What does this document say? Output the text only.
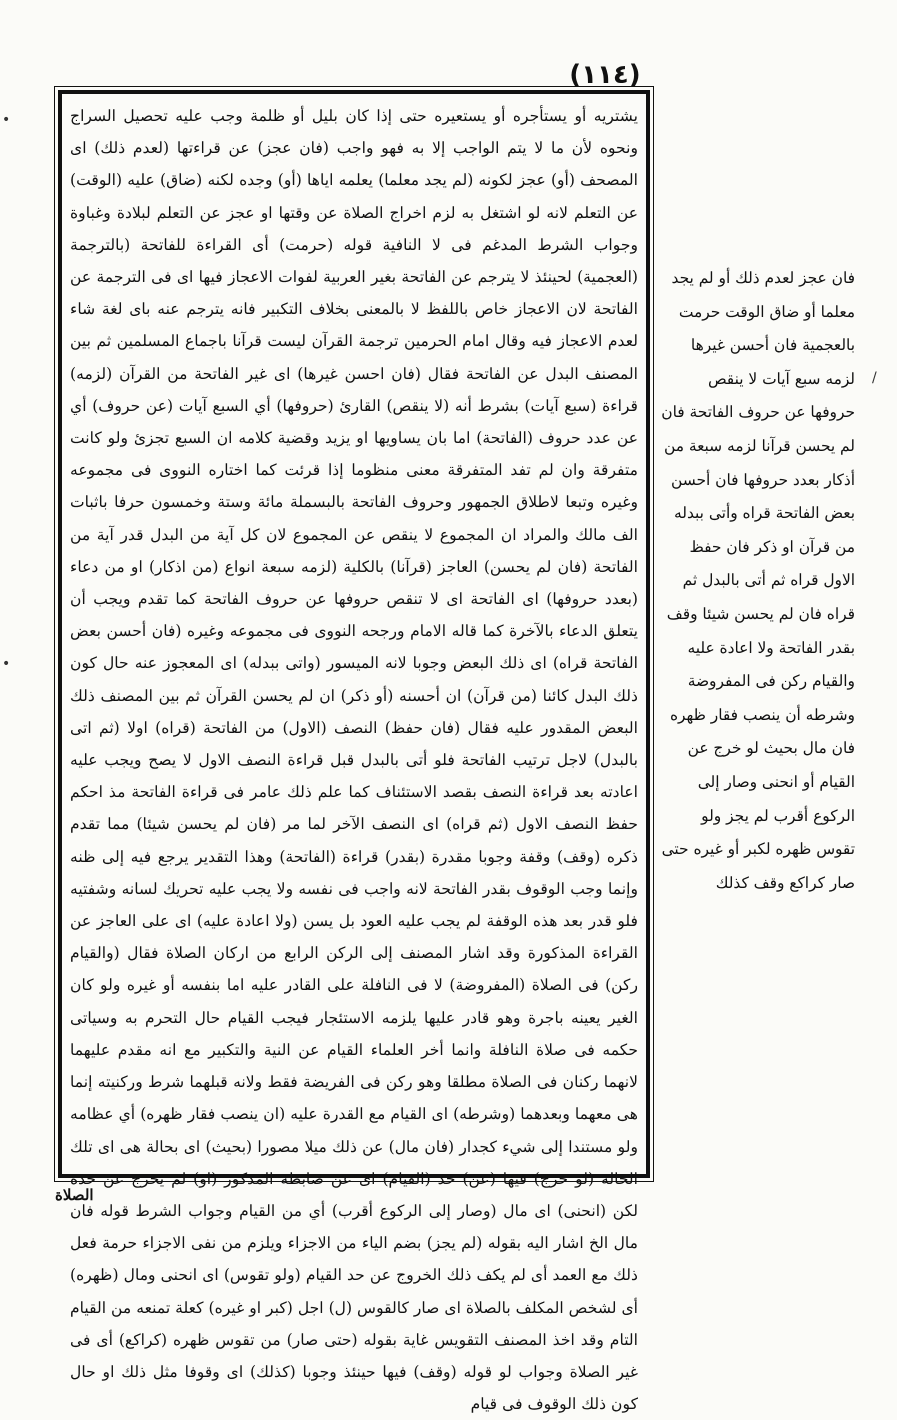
(١١٤)

يشتريه أو يستأجره أو يستعيره حتى إذا كان بليل أو ظلمة وجب عليه تحصيل السراج ونحوه لأن ما لا يتم الواجب إلا به فهو واجب (فان عجز) عن قراءتها (لعدم ذلك) اى المصحف (أو) عجز لكونه (لم يجد معلما) يعلمه اياها (أو) وجده لكنه (ضاق) عليه (الوقت) عن التعلم لانه لو اشتغل به لزم اخراج الصلاة عن وقتها او عجز عن التعلم لبلادة وغباوة وجواب الشرط المدغم فى لا النافية قوله (حرمت) أى القراءة للفاتحة (بالترجمة (العجمية) لحينئذ لا يترجم عن الفاتحة بغير العربية لفوات الاعجاز فيها اى فى الترجمة عن الفاتحة لان الاعجاز خاص باللفظ لا بالمعنى بخلاف التكبير فانه يترجم عنه باى لغة شاء لعدم الاعجاز فيه وقال امام الحرمين ترجمة القرآن ليست قرآنا باجماع المسلمين ثم بين المصنف البدل عن الفاتحة فقال (فان احسن غيرها) اى غير الفاتحة من القرآن (لزمه) قراءة (سبع آيات) بشرط أنه (لا ينقص) القارئ (حروفها) أي السبع آيات (عن حروف) أي عن عدد حروف (الفاتحة) اما بان يساويها او يزيد وقضية كلامه ان السبع تجزئ ولو كانت متفرقة وان لم تفد المتفرقة معنى منظوما إذا قرئت كما اختاره النووى فى مجموعه وغيره وتبعا لاطلاق الجمهور وحروف الفاتحة بالبسملة مائة وستة وخمسون حرفا باثبات الف مالك والمراد ان المجموع لا ينقص عن المجموع لان كل آية من البدل قدر آية من الفاتحة (فان لم يحسن) العاجز (قرآنا) بالكلية (لزمه سبعة انواع (من اذكار) او من دعاء (بعدد حروفها) اى الفاتحة اى لا تنقص حروفها عن حروف الفاتحة كما تقدم ويجب أن يتعلق الدعاء بالآخرة كما قاله الامام ورجحه النووى فى مجموعه وغيره (فان أحسن بعض الفاتحة قراه) اى ذلك البعض وجوبا لانه الميسور (واتى ببدله) اى المعجوز عنه حال كون ذلك البدل كائنا (من قرآن) ان أحسنه (أو ذكر) ان لم يحسن القرآن ثم بين المصنف ذلك البعض المقدور عليه فقال (فان حفظ) النصف (الاول) من الفاتحة (قراه) اولا (ثم اتى بالبدل) لاجل ترتيب الفاتحة فلو أتى بالبدل قبل قراءة النصف الاول لا يصح ويجب عليه اعادته بعد قراءة النصف بقصد الاستئناف كما علم ذلك عامر فى قراءة الفاتحة مذ احكم حفظ النصف الاول (ثم قراه) اى النصف الآخر لما مر (فان لم يحسن شيئا) مما تقدم ذكره (وقف) وقفة وجوبا مقدرة (بقدر) قراءة (الفاتحة) وهذا التقدير يرجع فيه إلى ظنه وإنما وجب الوقوف بقدر الفاتحة لانه واجب فى نفسه ولا يجب عليه تحريك لسانه وشفتيه فلو قدر بعد هذه الوقفة لم يجب عليه العود بل يسن (ولا اعادة عليه) اى على العاجز عن القراءة المذكورة وقد اشار المصنف إلى الركن الرابع من اركان الصلاة فقال (والقيام ركن) فى الصلاة (المفروضة) لا فى النافلة على القادر عليه اما بنفسه أو غيره ولو كان الغير يعينه باجرة وهو قادر عليها يلزمه الاستئجار فيجب القيام حال التحرم به وسياتى حكمه فى صلاة النافلة وانما أخر العلماء القيام عن النية والتكبير مع انه مقدم عليهما لانهما ركنان فى الصلاة مطلقا وهو ركن فى الفريضة فقط ولانه قبلهما شرط وركنيته إنما هى معهما وبعدهما (وشرطه) اى القيام مع القدرة عليه (ان ينصب فقار ظهره) أي عظامه ولو مستندا إلى شيء كجدار (فان مال) عن ذلك ميلا مصورا (بحيث) اى بحالة هى اى تلك الحالة (لو خرج) فيها (عن) حد (القيام) اى عن ضابطه المذكور (او) لم يخرج عن حده لكن (انحنى) اى مال (وصار إلى الركوع أقرب) أي من القيام وجواب الشرط قوله فان مال الخ اشار اليه بقوله (لم يجز) بضم الياء من الاجزاء ويلزم من نفى الاجزاء حرمة فعل ذلك مع العمد أى لم يكف ذلك الخروج عن حد القيام (ولو تقوس) اى انحنى ومال (ظهره) أى لشخص المكلف بالصلاة اى صار كالقوس (ل) اجل (كبر او غيره) كعلة تمنعه من القيام التام وقد اخذ المصنف التقويس غاية بقوله (حتى صار) من تقوس ظهره (كراكع) أى فى غير الصلاة وجواب لو قوله (وقف) فيها حينئذ وجوبا (كذلك) اى وقوفا مثل ذلك او حال كون ذلك الوقوف فى قيام

فان عجز لعدم ذلك أو لم يجد معلما أو ضاق الوقت حرمت بالعجمية فان أحسن غيرها لزمه سبع آيات لا ينقص حروفها عن حروف الفاتحة فان لم يحسن قرآنا لزمه سبعة من أذكار بعدد حروفها فان أحسن بعض الفاتحة قراه وأتى ببدله من قرآن او ذكر فان حفظ الاول قراه ثم أتى بالبدل ثم قراه فان لم يحسن شيئا وقف بقدر الفاتحة ولا اعادة عليه والقيام ركن فى المفروضة وشرطه أن ينصب فقار ظهره فان مال بحيث لو خرج عن القيام أو انحنى وصار إلى الركوع أقرب لم يجز ولو تقوس ظهره لكبر أو غيره حتى صار كراكع وقف كذلك

الصلاة
•
•
/
